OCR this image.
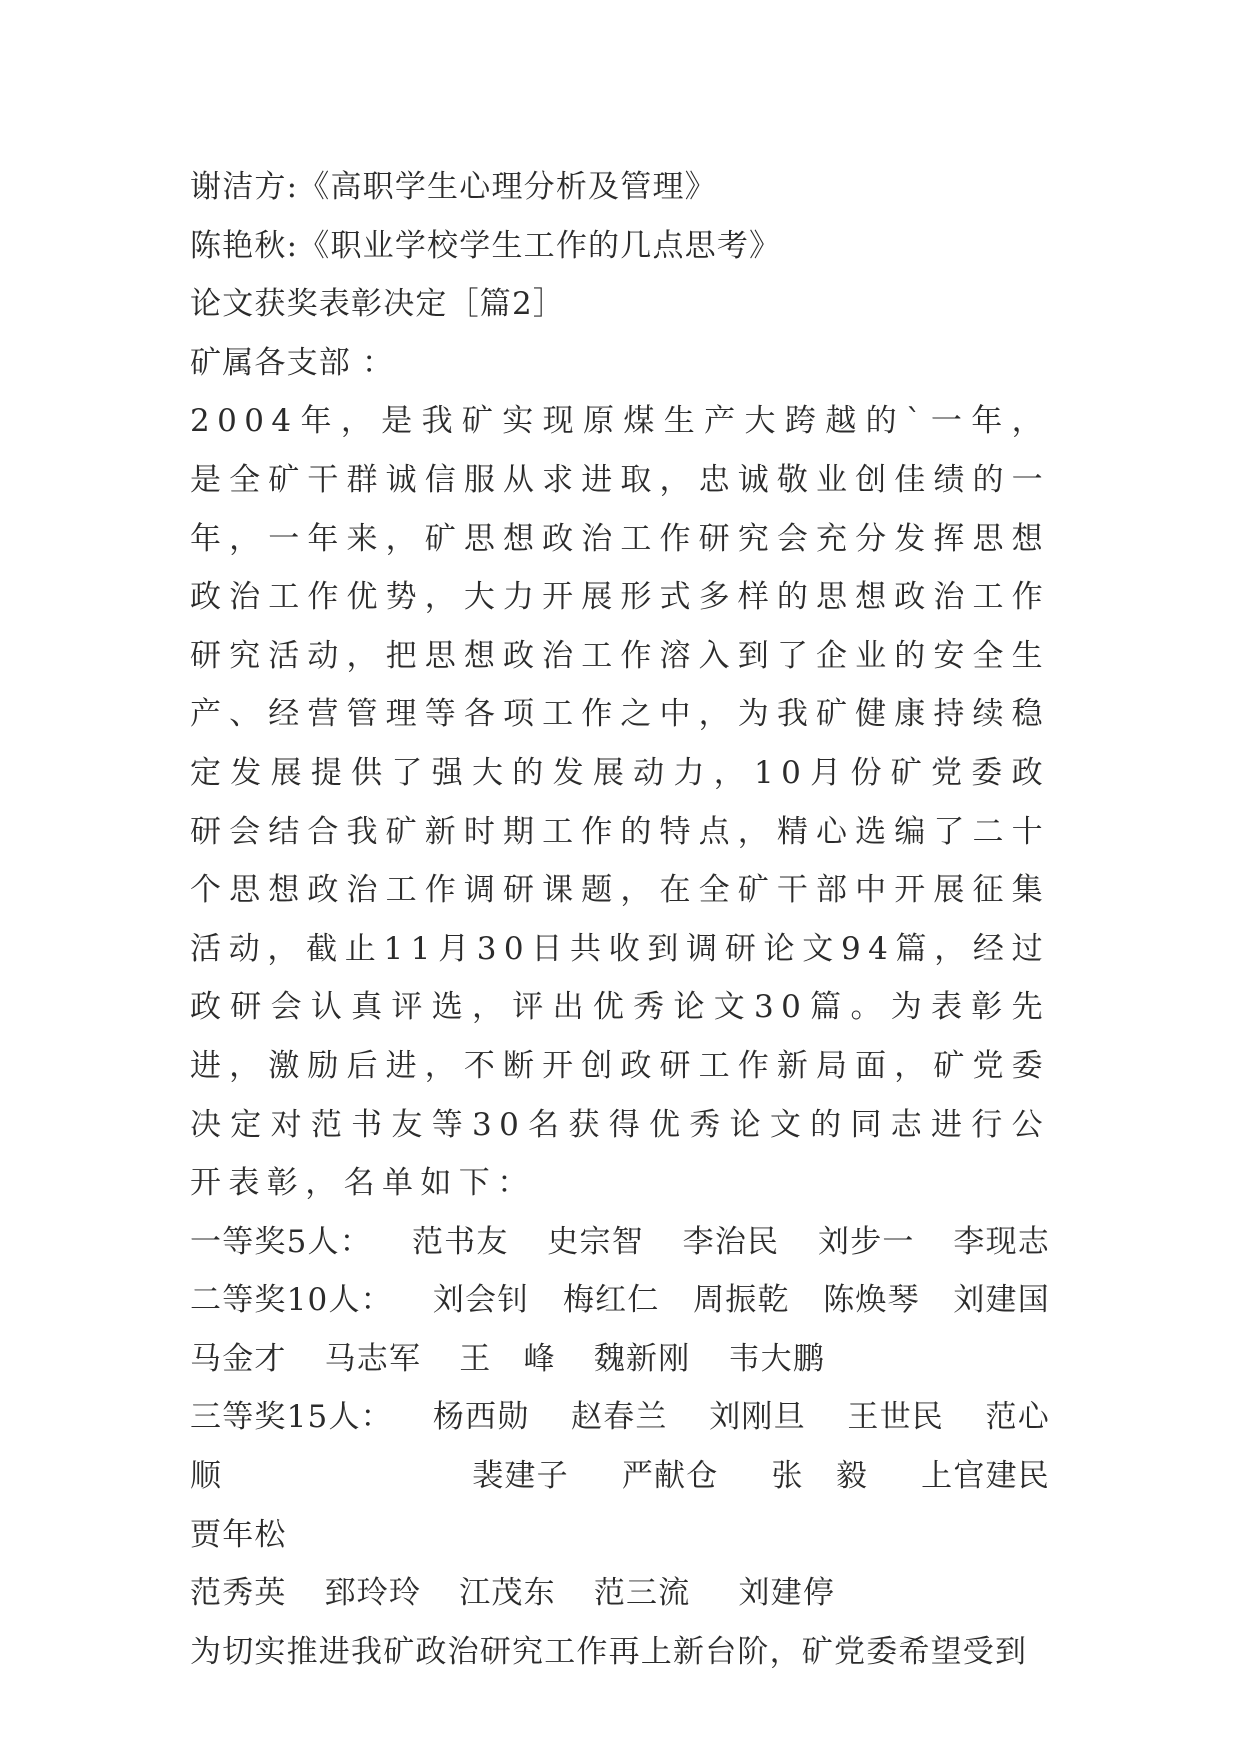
谢洁方:《高职学生心理分析及管理》
陈艳秋:《职业学校学生工作的几点思考》
论文获奖表彰决定［篇2］
矿属各支部 ：
2004年，是我矿实现原煤生产大跨越的`一年，是全矿干群诚信服从求进取，忠诚敬业创佳绩的一年，一年来，矿思想政治工作研究会充分发挥思想政治工作优势，大力开展形式多样的思想政治工作研究活动，把思想政治工作溶入到了企业的安全生产、经营管理等各项工作之中，为我矿健康持续稳定发展提供了强大的发展动力，10月份矿党委政研会结合我矿新时期工作的特点，精心选编了二十个思想政治工作调研课题，在全矿干部中开展征集活动，截止11月30日共收到调研论文94篇，经过政研会认真评选，评出优秀论文30篇。为表彰先进，激励后进，不断开创政研工作新局面，矿党委决定对范书友等30名获得优秀论文的同志进行公开表彰，名单如下：
一等奖5人： 范书友 史宗智 李治民 刘步一 李现志
二等奖10人： 刘会钊 梅红仁 周振乾 陈焕琴 刘建国
马金才 马志军 王　峰 魏新刚 韦大鹏
三等奖15人： 杨西勋 赵春兰 刘刚旦 王世民 范心
顺	裴建子 严献仓 张　毅 上官建民
贾年松
范秀英 郅玲玲 江茂东 范三流 刘建停
为切实推进我矿政治研究工作再上新台阶，矿党委希望受到
